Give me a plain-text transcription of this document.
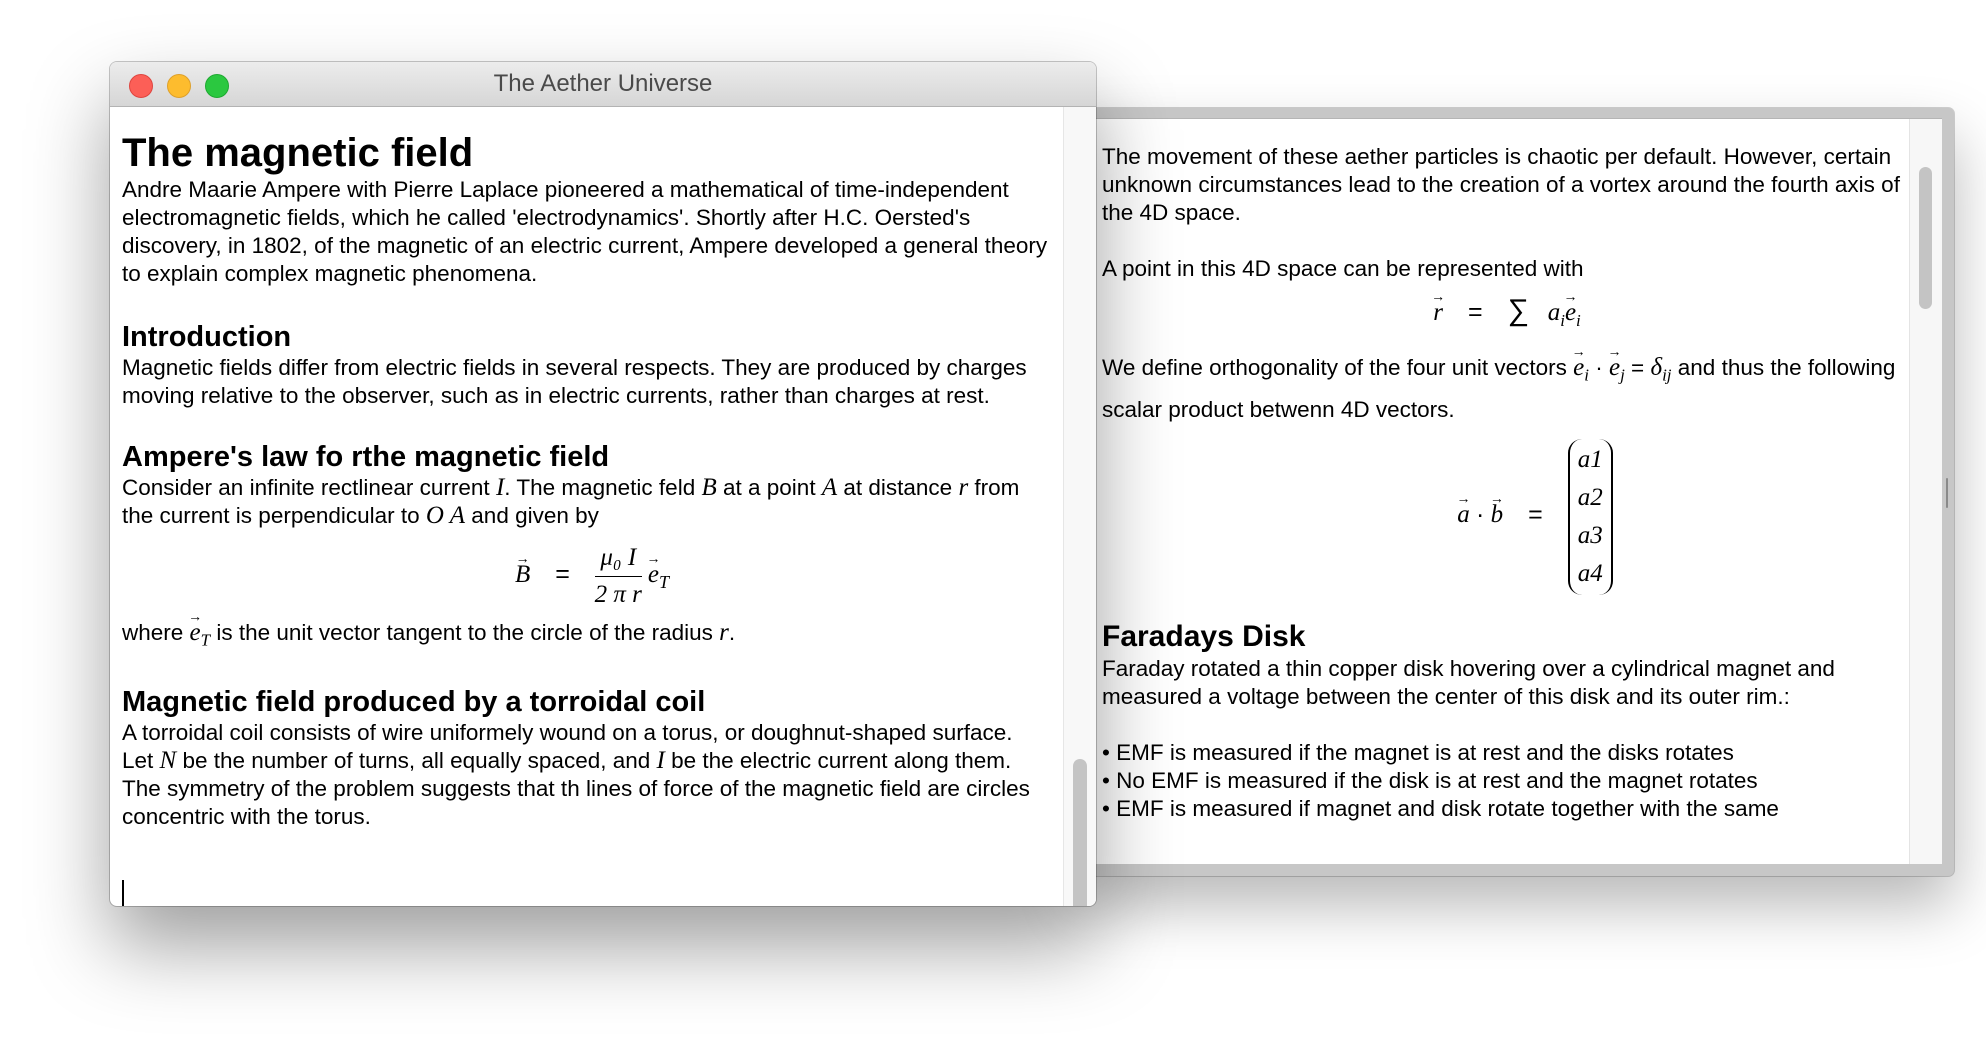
The movement of these aether particles is chaotic per default. However, certain unknown circumstances lead to the creation of a vortex around the fourth axis of the 4D space.

A point in this 4D space can be represented with

→ r = ∑ $a_i\to e_i$

We define orthogonality of the four unit vectors → $e_i$ · → $e_j = \delta_{ij}$ and thus the following scalar product betwenn 4D vectors.

→ a · → b =
a1
a2
a3
a4
Faradays Disk

Faraday rotated a thin copper disk hovering over a cylindrical magnet and measured a voltage between the center of this disk and its outer rim.:

• EMF is measured if the magnet is at rest and the disks rotates

• No EMF is measured if the disk is at rest and the magnet rotates

• EMF is measured if magnet and disk rotate together with the same

The Aether Universe
The magnetic field

Andre Maarie Ampere with Pierre Laplace pioneered a mathematical of time-independent electromagnetic fields, which he called 'electrodynamics'. Shortly after H.C. Oersted's discovery, in 1802, of the magnetic of an electric current, Ampere developed a general theory to explain complex magnetic phenomena.

Introduction

Magnetic fields differ from electric fields in several respects. They are produced by charges moving relative to the observer, such as in electric currents, rather than charges at rest.

Ampere's law fo rthe magnetic field

Consider an infinite rectlinear current I. The magnetic feld B at a point A at distance r from the current is perpendicular to O A and given by

→ $B = \frac{\text{μ₀ I}}{\text{2 π r}}$
→ $e_T$

where → $e_T$ is the unit vector tangent to the circle of the radius r.

Magnetic field produced by a torroidal coil

A torroidal coil consists of wire uniformely wound on a torus, or doughnut-shaped surface. Let N be the number of turns, all equally spaced, and I be the electric current along them. The symmetry of the problem suggests that th lines of force of the magnetic field are circles concentric with the torus.
